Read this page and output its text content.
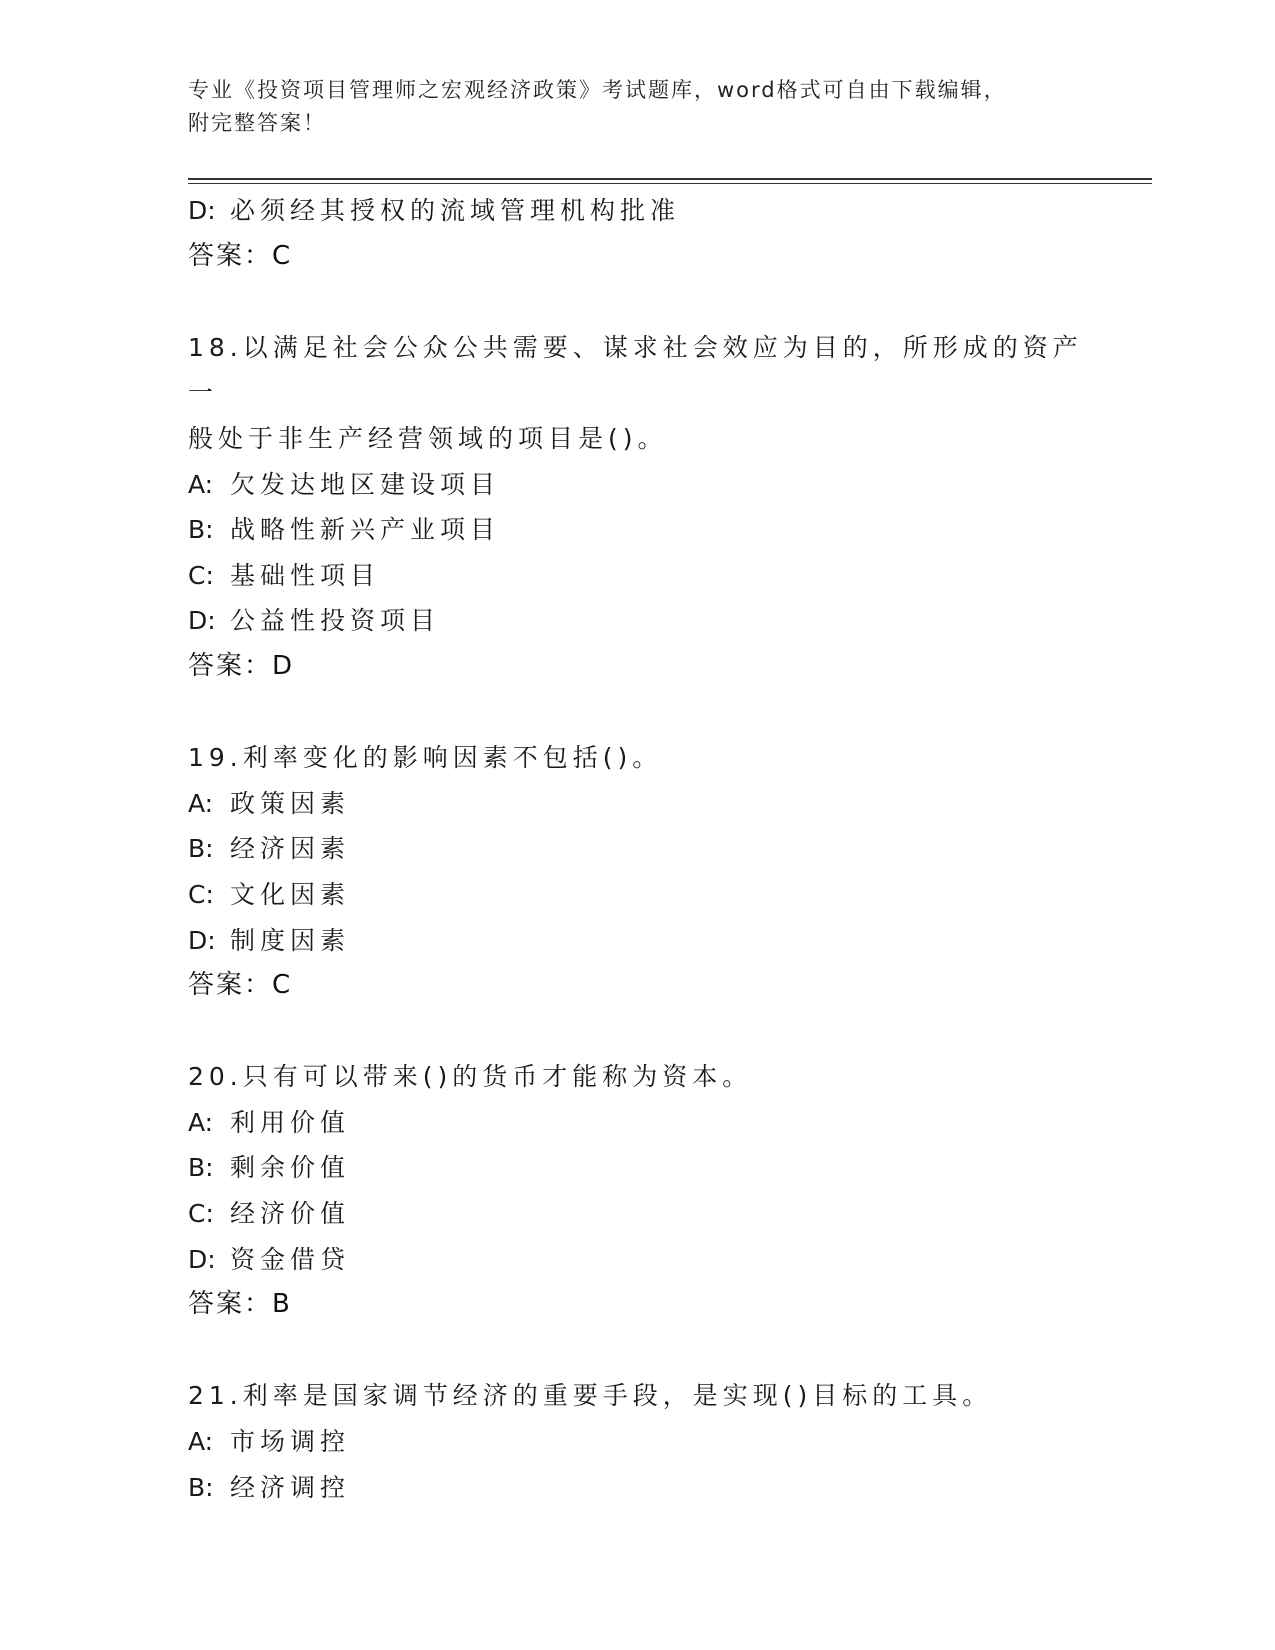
专业《投资项目管理师之宏观经济政策》考试题库，word格式可自由下载编辑，
附完整答案！
D: 必须经其授权的流域管理机构批准
答案：C
18.以满足社会公众公共需要、谋求社会效应为目的，所形成的资产一
般处于非生产经营领域的项目是()。
A: 欠发达地区建设项目
B: 战略性新兴产业项目
C: 基础性项目
D: 公益性投资项目
答案：D
19.利率变化的影响因素不包括()。
A: 政策因素
B: 经济因素
C: 文化因素
D: 制度因素
答案：C
20.只有可以带来()的货币才能称为资本。
A: 利用价值
B: 剩余价值
C: 经济价值
D: 资金借贷
答案：B
21.利率是国家调节经济的重要手段，是实现()目标的工具。
A: 市场调控
B: 经济调控
